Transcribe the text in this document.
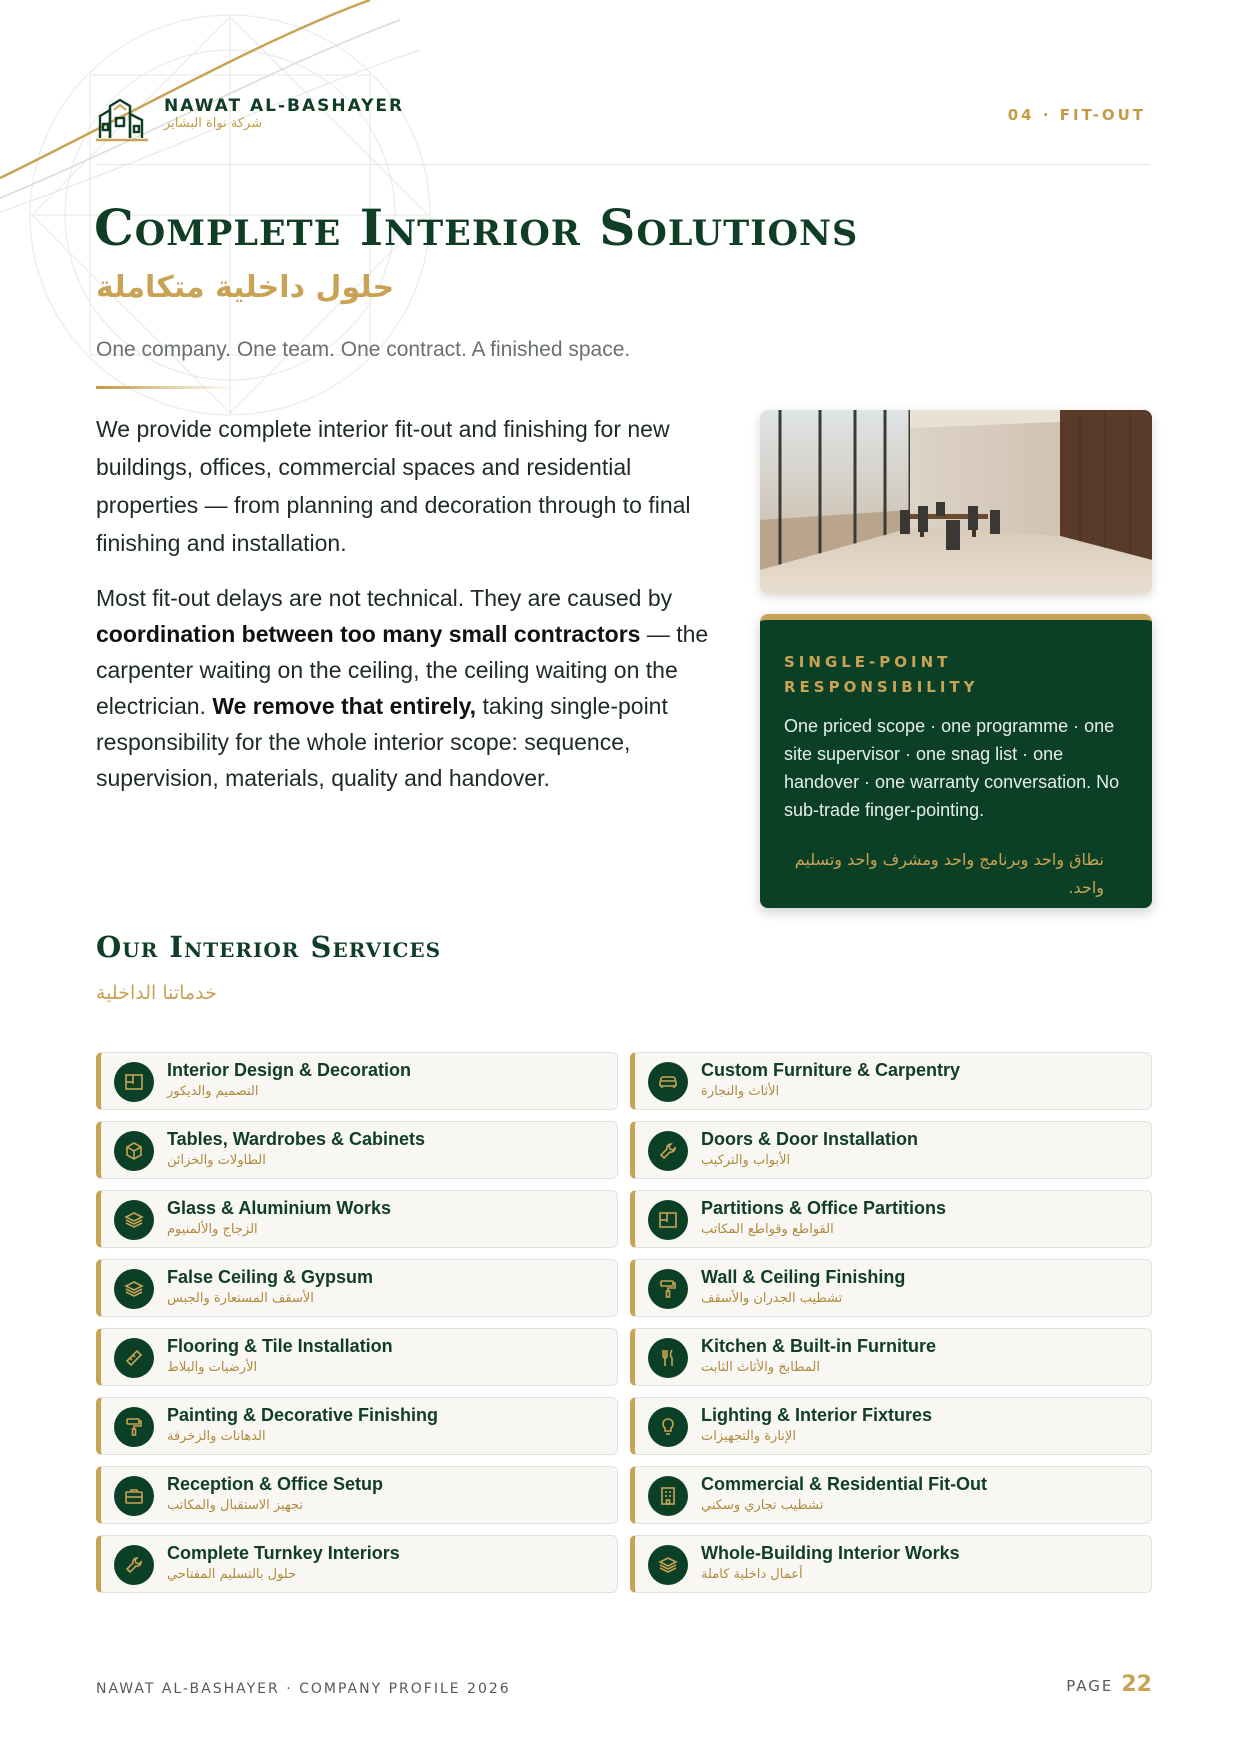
NAWAT AL-BASHAYER
شركة نواة البشاير	04 · FIT-OUT
Complete Interior Solutions
حلول داخلية متكاملة
One company. One team. One contract. A finished space.

We provide complete interior fit-out and finishing for new buildings, offices, commercial spaces and residential properties — from planning and decoration through to final finishing and installation.

Most fit-out delays are not technical. They are caused by coordination between too many small contractors — the carpenter waiting on the ceiling, the ceiling waiting on the electrician. We remove that entirely, taking single-point responsibility for the whole interior scope: sequence, supervision, materials, quality and handover.

SINGLE-POINT RESPONSIBILITY
One priced scope · one programme · one site supervisor · one snag list · one handover · one warranty conversation. No sub-trade finger-pointing.
نطاق واحد وبرنامج واحد ومشرف واحد وتسليم واحد.
Our Interior Services
خدماتنا الداخلية
Interior Design & Decoration
التصميم والديكور
Custom Furniture & Carpentry
الأثاث والنجارة
Tables, Wardrobes & Cabinets
الطاولات والخزائن
Doors & Door Installation
الأبواب والتركيب
Glass & Aluminium Works
الزجاج والألمنيوم
Partitions & Office Partitions
القواطع وقواطع المكاتب
False Ceiling & Gypsum
الأسقف المستعارة والجبس
Wall & Ceiling Finishing
تشطيب الجدران والأسقف
Flooring & Tile Installation
الأرضيات والبلاط
Kitchen & Built-in Furniture
المطابخ والأثاث الثابت
Painting & Decorative Finishing
الدهانات والزخرفة
Lighting & Interior Fixtures
الإنارة والتجهيزات
Reception & Office Setup
تجهيز الاستقبال والمكاتب
Commercial & Residential Fit-Out
تشطيب تجاري وسكني
Complete Turnkey Interiors
حلول بالتسليم المفتاحي
Whole-Building Interior Works
أعمال داخلية كاملة
NAWAT AL-BASHAYER · COMPANY PROFILE 2026	PAGE 22
